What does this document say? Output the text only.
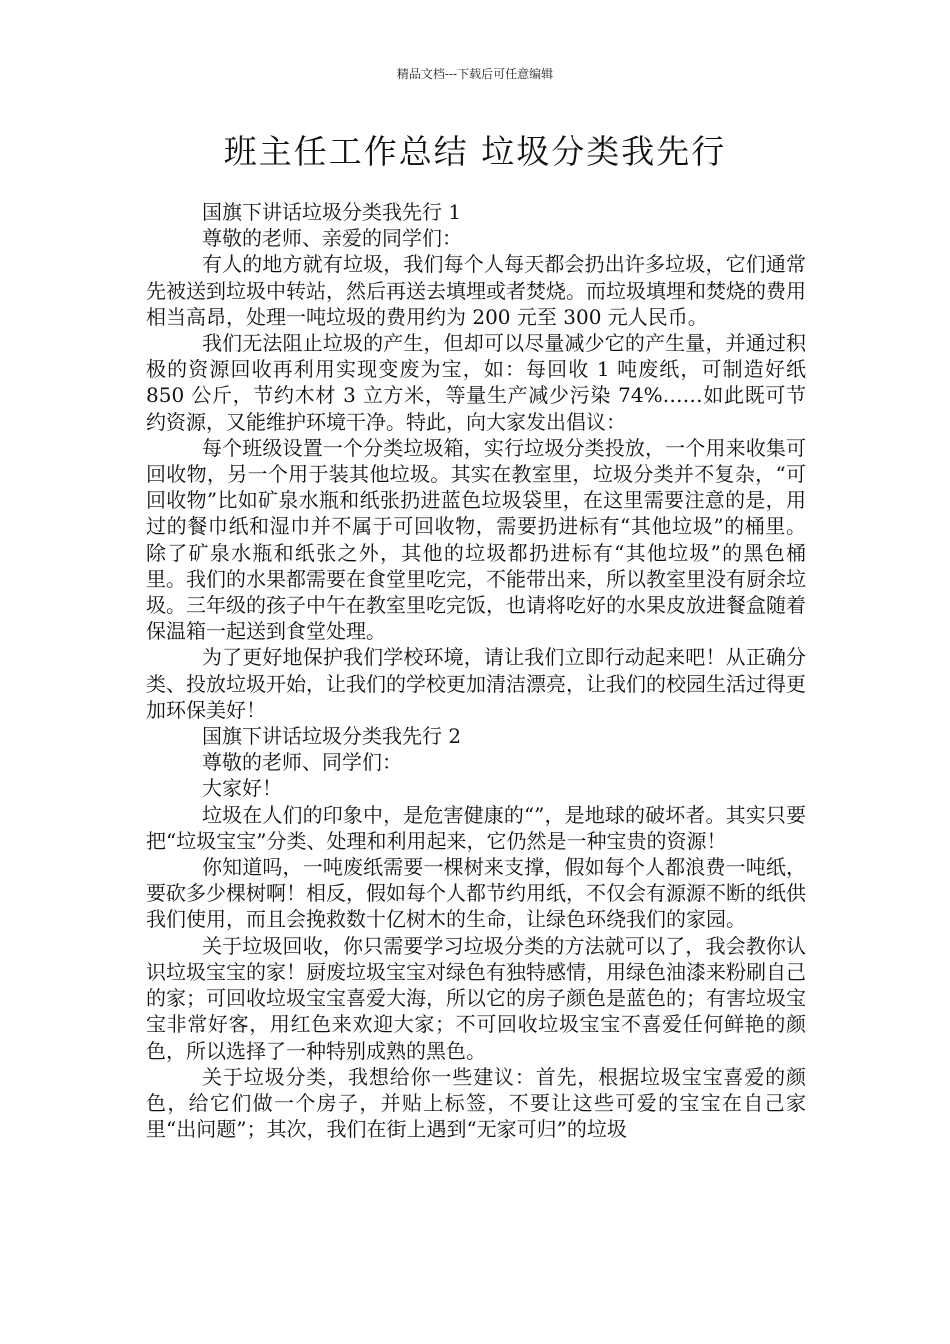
精品文档---下载后可任意编辑
班主任工作总结 垃圾分类我先行

国旗下讲话垃圾分类我先行 1

尊敬的老师、亲爱的同学们：

有人的地方就有垃圾，我们每个人每天都会扔出许多垃圾，它们通常先被送到垃圾中转站，然后再送去填埋或者焚烧。而垃圾填埋和焚烧的费用相当高昂，处理一吨垃圾的费用约为 200 元至 300 元人民币。

我们无法阻止垃圾的产生，但却可以尽量减少它的产生量，并通过积极的资源回收再利用实现变废为宝，如：每回收 1 吨废纸，可制造好纸 850 公斤，节约木材 3 立方米，等量生产减少污染 74%……如此既可节约资源，又能维护环境干净。特此，向大家发出倡议：

每个班级设置一个分类垃圾箱，实行垃圾分类投放，一个用来收集可回收物，另一个用于装其他垃圾。其实在教室里，垃圾分类并不复杂，“可回收物”比如矿泉水瓶和纸张扔进蓝色垃圾袋里，在这里需要注意的是，用过的餐巾纸和湿巾并不属于可回收物，需要扔进标有“其他垃圾”的桶里。除了矿泉水瓶和纸张之外，其他的垃圾都扔进标有“其他垃圾”的黑色桶里。我们的水果都需要在食堂里吃完，不能带出来，所以教室里没有厨余垃圾。三年级的孩子中午在教室里吃完饭，也请将吃好的水果皮放进餐盒随着保温箱一起送到食堂处理。

为了更好地保护我们学校环境，请让我们立即行动起来吧！从正确分类、投放垃圾开始，让我们的学校更加清洁漂亮，让我们的校园生活过得更加环保美好！

国旗下讲话垃圾分类我先行 2

尊敬的老师、同学们：

大家好！

垃圾在人们的印象中，是危害健康的“”，是地球的破坏者。其实只要把“垃圾宝宝”分类、处理和利用起来，它仍然是一种宝贵的资源！

你知道吗，一吨废纸需要一棵树来支撑，假如每个人都浪费一吨纸，要砍多少棵树啊！相反，假如每个人都节约用纸，不仅会有源源不断的纸供我们使用，而且会挽救数十亿树木的生命，让绿色环绕我们的家园。

关于垃圾回收，你只需要学习垃圾分类的方法就可以了，我会教你认识垃圾宝宝的家！厨废垃圾宝宝对绿色有独特感情，用绿色油漆来粉刷自己的家；可回收垃圾宝宝喜爱大海，所以它的房子颜色是蓝色的；有害垃圾宝宝非常好客，用红色来欢迎大家；不可回收垃圾宝宝不喜爱任何鲜艳的颜色，所以选择了一种特别成熟的黑色。

关于垃圾分类，我想给你一些建议：首先，根据垃圾宝宝喜爱的颜色，给它们做一个房子，并贴上标签，不要让这些可爱的宝宝在自己家里“出问题”；其次，我们在街上遇到“无家可归”的垃圾
